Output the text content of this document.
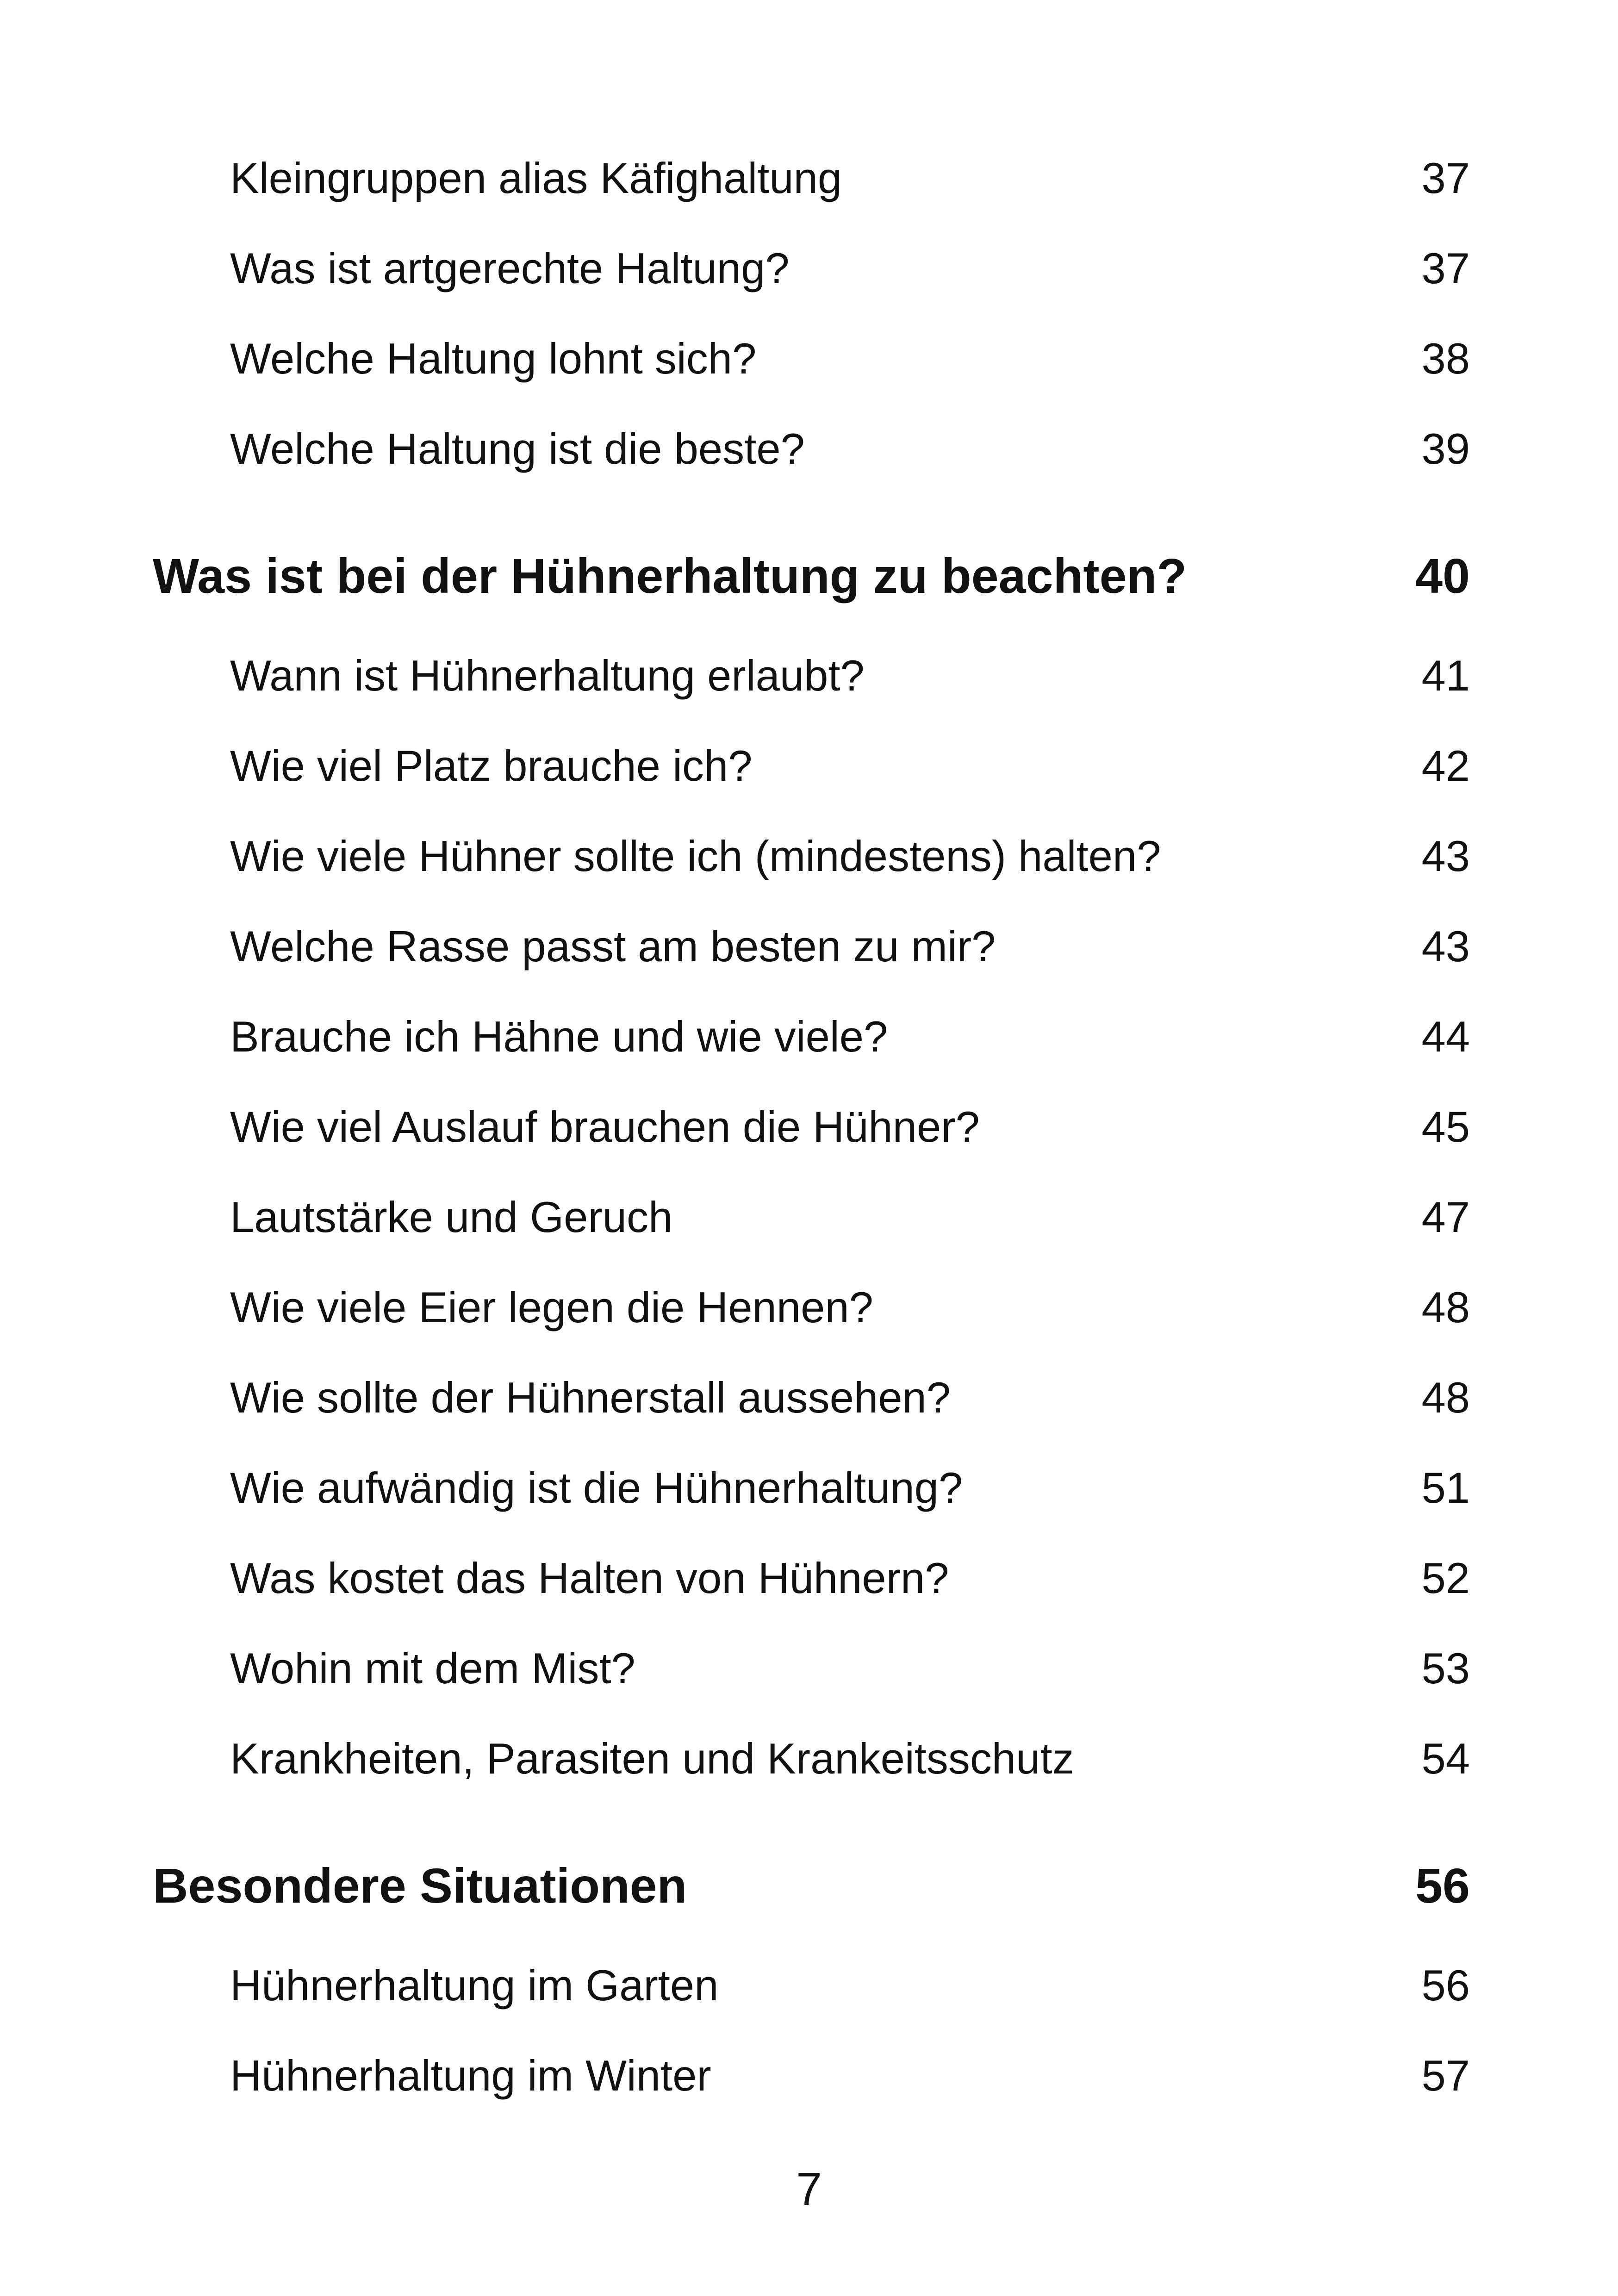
Kleingruppen alias Käfighaltung	37
Was ist artgerechte Haltung?	37
Welche Haltung lohnt sich?	38
Welche Haltung ist die beste?	39
Was ist bei der Hühnerhaltung zu beachten?	40
Wann ist Hühnerhaltung erlaubt?	41
Wie viel Platz brauche ich?	42
Wie viele Hühner sollte ich (mindestens) halten?	43
Welche Rasse passt am besten zu mir?	43
Brauche ich Hähne und wie viele?	44
Wie viel Auslauf brauchen die Hühner?	45
Lautstärke und Geruch	47
Wie viele Eier legen die Hennen?	48
Wie sollte der Hühnerstall aussehen?	48
Wie aufwändig ist die Hühnerhaltung?	51
Was kostet das Halten von Hühnern?	52
Wohin mit dem Mist?	53
Krankheiten, Parasiten und Krankeitsschutz	54
Besondere Situationen	56
Hühnerhaltung im Garten	56
Hühnerhaltung im Winter	57
7
